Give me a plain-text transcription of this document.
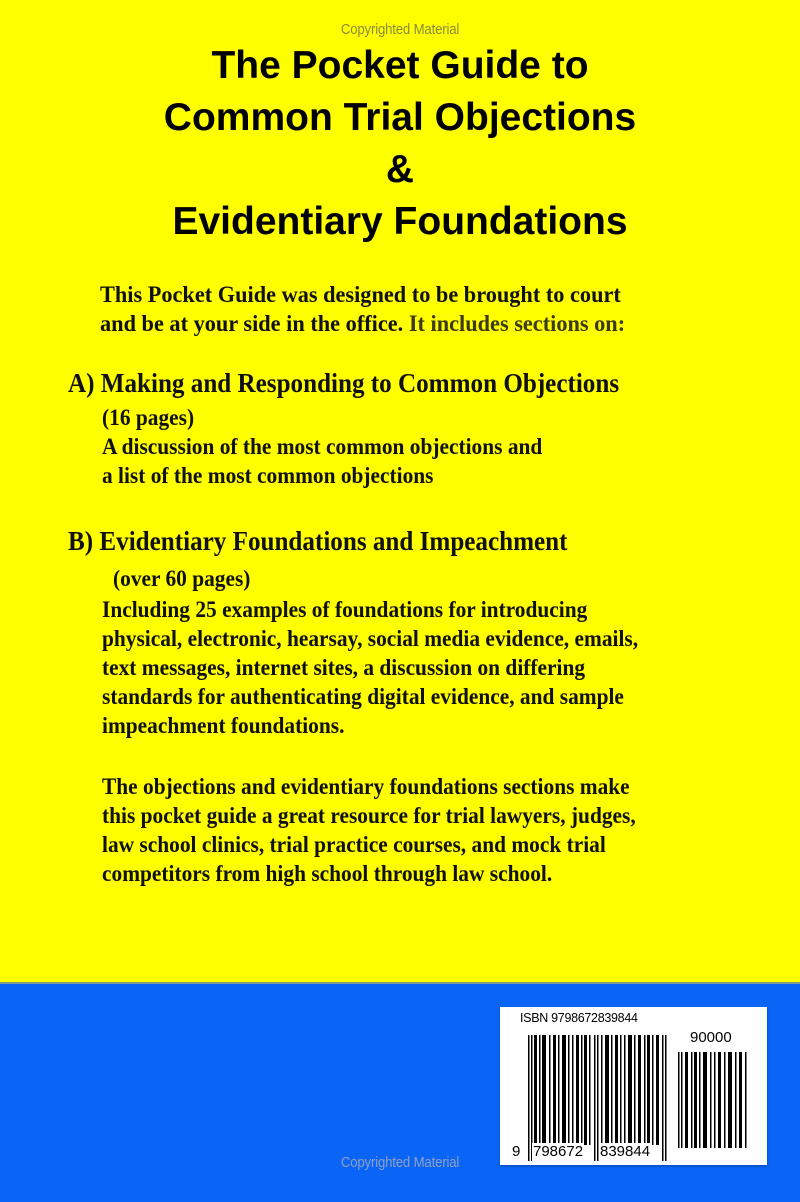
Copyrighted Material
The Pocket Guide to
Common Trial Objections
&
Evidentiary Foundations
This Pocket Guide was designed to be brought to court
and be at your side in the office. It includes sections on:
A) Making and Responding to Common Objections
(16 pages)
A discussion of the most common objections and
a list of the most common objections
B) Evidentiary Foundations and Impeachment
(over 60 pages)
Including 25 examples of foundations for introducing
physical, electronic, hearsay, social media evidence, emails,
text messages, internet sites, a discussion on differing
standards for authenticating digital evidence, and sample
impeachment foundations.
The objections and evidentiary foundations sections make
this pocket guide a great resource for trial lawyers, judges,
law school clinics, trial practice courses, and mock trial
competitors from high school through law school.
ISBN 9798672839844
90000
9 798672 839844
Copyrighted Material
